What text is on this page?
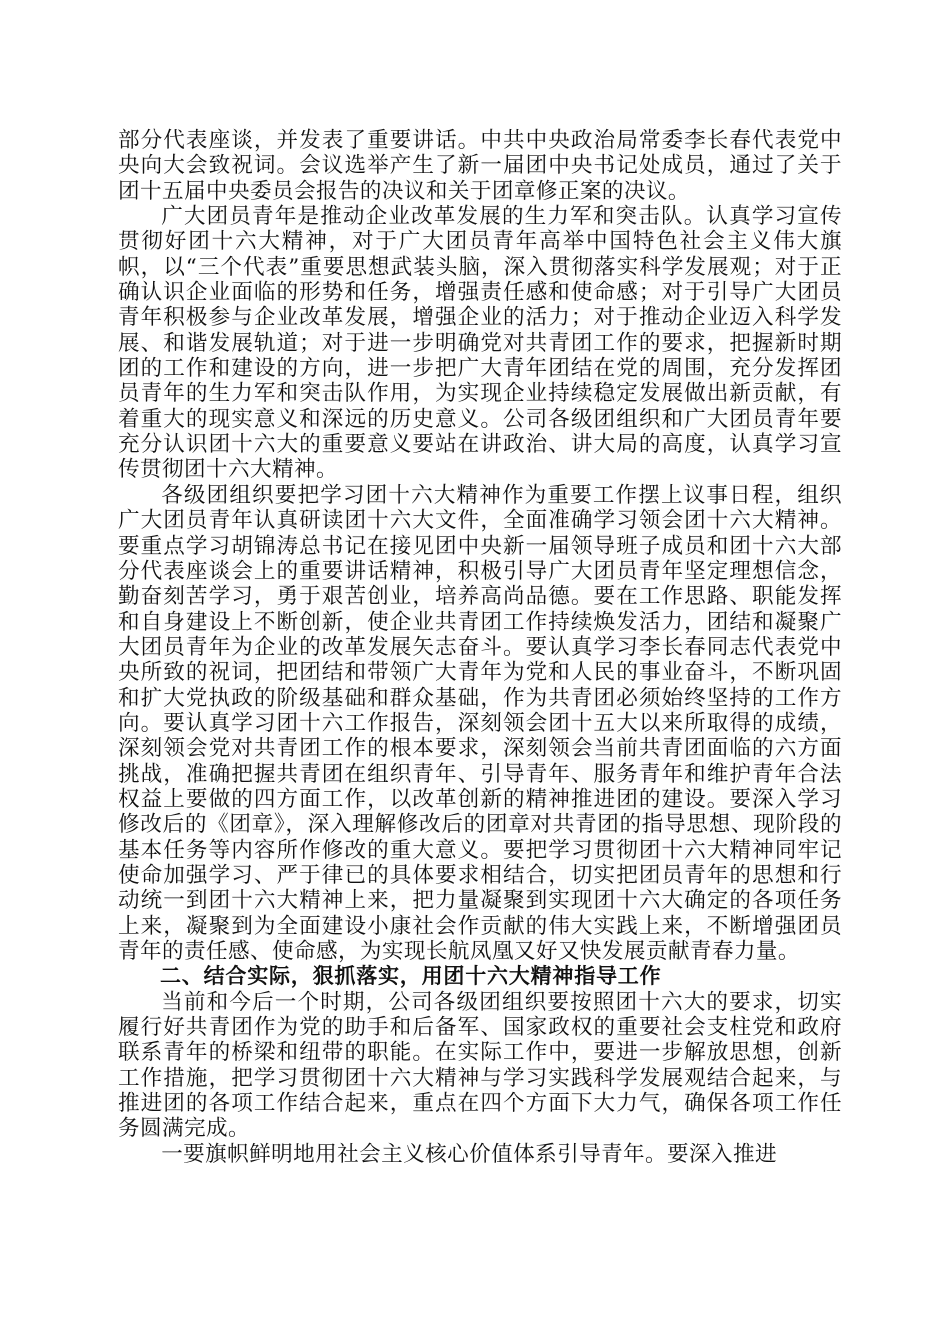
部分代表座谈，并发表了重要讲话。中共中央政治局常委李长春代表党中央向大会致祝词。会议选举产生了新一届团中央书记处成员，通过了关于团十五届中央委员会报告的决议和关于团章修正案的决议。

广大团员青年是推动企业改革发展的生力军和突击队。认真学习宣传贯彻好团十六大精神，对于广大团员青年高举中国特色社会主义伟大旗帜，以“三个代表”重要思想武装头脑，深入贯彻落实科学发展观；对于正确认识企业面临的形势和任务，增强责任感和使命感；对于引导广大团员青年积极参与企业改革发展，增强企业的活力；对于推动企业迈入科学发展、和谐发展轨道；对于进一步明确党对共青团工作的要求，把握新时期团的工作和建设的方向，进一步把广大青年团结在党的周围，充分发挥团员青年的生力军和突击队作用，为实现企业持续稳定发展做出新贡献，有着重大的现实意义和深远的历史意义。公司各级团组织和广大团员青年要充分认识团十六大的重要意义要站在讲政治、讲大局的高度，认真学习宣传贯彻团十六大精神。

各级团组织要把学习团十六大精神作为重要工作摆上议事日程，组织广大团员青年认真研读团十六大文件，全面准确学习领会团十六大精神。要重点学习胡锦涛总书记在接见团中央新一届领导班子成员和团十六大部分代表座谈会上的重要讲话精神，积极引导广大团员青年坚定理想信念，勤奋刻苦学习，勇于艰苦创业，培养高尚品德。要在工作思路、职能发挥和自身建设上不断创新，使企业共青团工作持续焕发活力，团结和凝聚广大团员青年为企业的改革发展矢志奋斗。要认真学习李长春同志代表党中央所致的祝词，把团结和带领广大青年为党和人民的事业奋斗，不断巩固和扩大党执政的阶级基础和群众基础，作为共青团必须始终坚持的工作方向。要认真学习团十六工作报告，深刻领会团十五大以来所取得的成绩，深刻领会党对共青团工作的根本要求，深刻领会当前共青团面临的六方面挑战，准确把握共青团在组织青年、引导青年、服务青年和维护青年合法权益上要做的四方面工作，以改革创新的精神推进团的建设。要深入学习修改后的《团章》，深入理解修改后的团章对共青团的指导思想、现阶段的基本任务等内容所作修改的重大意义。要把学习贯彻团十六大精神同牢记使命加强学习、严于律已的具体要求相结合，切实把团员青年的思想和行动统一到团十六大精神上来，把力量凝聚到实现团十六大确定的各项任务上来，凝聚到为全面建设小康社会作贡献的伟大实践上来，不断增强团员青年的责任感、使命感，为实现长航凤凰又好又快发展贡献青春力量。

二、结合实际，狠抓落实，用团十六大精神指导工作

当前和今后一个时期，公司各级团组织要按照团十六大的要求，切实履行好共青团作为党的助手和后备军、国家政权的重要社会支柱党和政府联系青年的桥梁和纽带的职能。在实际工作中，要进一步解放思想，创新工作措施，把学习贯彻团十六大精神与学习实践科学发展观结合起来，与推进团的各项工作结合起来，重点在四个方面下大力气，确保各项工作任务圆满完成。

一要旗帜鲜明地用社会主义核心价值体系引导青年。要深入推进
